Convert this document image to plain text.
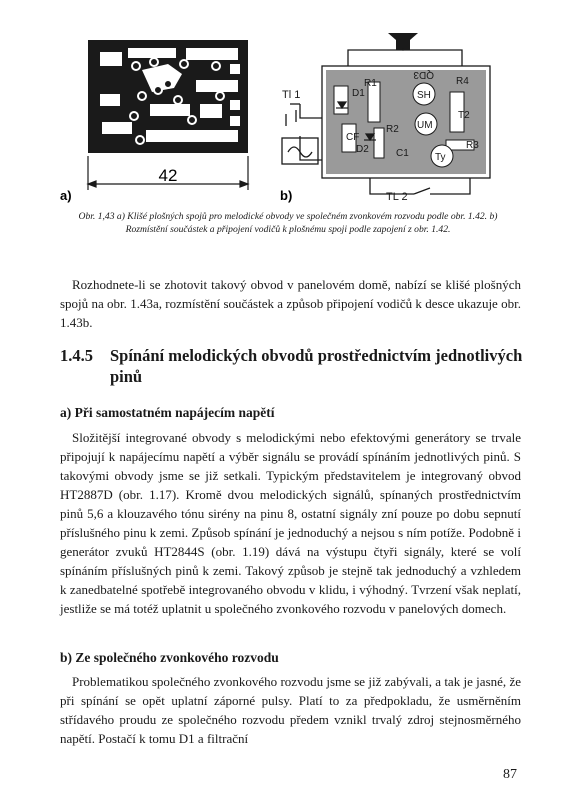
42
a)
R1
R2
R3
R4
D1
D2	C1
CF
SH
UM
Ty
T2
QD3
Tl 1
TL 2
b)
Obr. 1,43 a) Klišé plošných spojů pro melodické obvody ve společném zvonkovém rozvodu podle obr. 1.42. b) Rozmístění součástek a připojení vodičů k plošnému spoji podle zapojení z obr. 1.42.

Rozhodnete-li se zhotovit takový obvod v panelovém domě, nabízí se klišé plošných spojů na obr. 1.43a, rozmístění součástek a způsob připojení vodičů k desce ukazuje obr. 1.43b.

1.4.5 Spínání melodických obvodů prostřednictvím jednotlivých pinů
a) Při samostatném napájecím napětí

Složitější integrované obvody s melodickými nebo efektovými generátory se trvale připojují k napájecímu napětí a výběr signálu se provádí spínáním jednotlivých pinů. S takovými obvody jsme se již setkali. Typickým představitelem je integrovaný obvod HT2887D (obr. 1.17). Kromě dvou melodických signálů, spínaných prostřednictvím pinů 5,6 a klouzavého tónu sirény na pinu 8, ostatní signály zní pouze po dobu sepnutí příslušného pinu k zemi. Způsob spínání je jednoduchý a nejsou s ním potíže. Podobně i generátor zvuků HT2844S (obr. 1.19) dává na výstupu čtyři signály, které se volí spínáním příslušných pinů k zemi. Takový způsob je stejně tak jednoduchý a vzhledem k zanedbatelné spotřebě integrovaného obvodu v klidu, i výhodný. Tvrzení však neplatí, jestliže se má totéž uplatnit u společného zvonkového rozvodu v panelových domech.

b) Ze společného zvonkového rozvodu

Problematikou společného zvonkového rozvodu jsme se již zabývali, a tak je jasné, že při spínání se opět uplatní záporné pulsy. Platí to za předpokladu, že usměrněním střídavého proudu ze společného rozvodu předem vznikl trvalý zdroj stejnosměrného napětí. Postačí k tomu D1 a filtrační

87
